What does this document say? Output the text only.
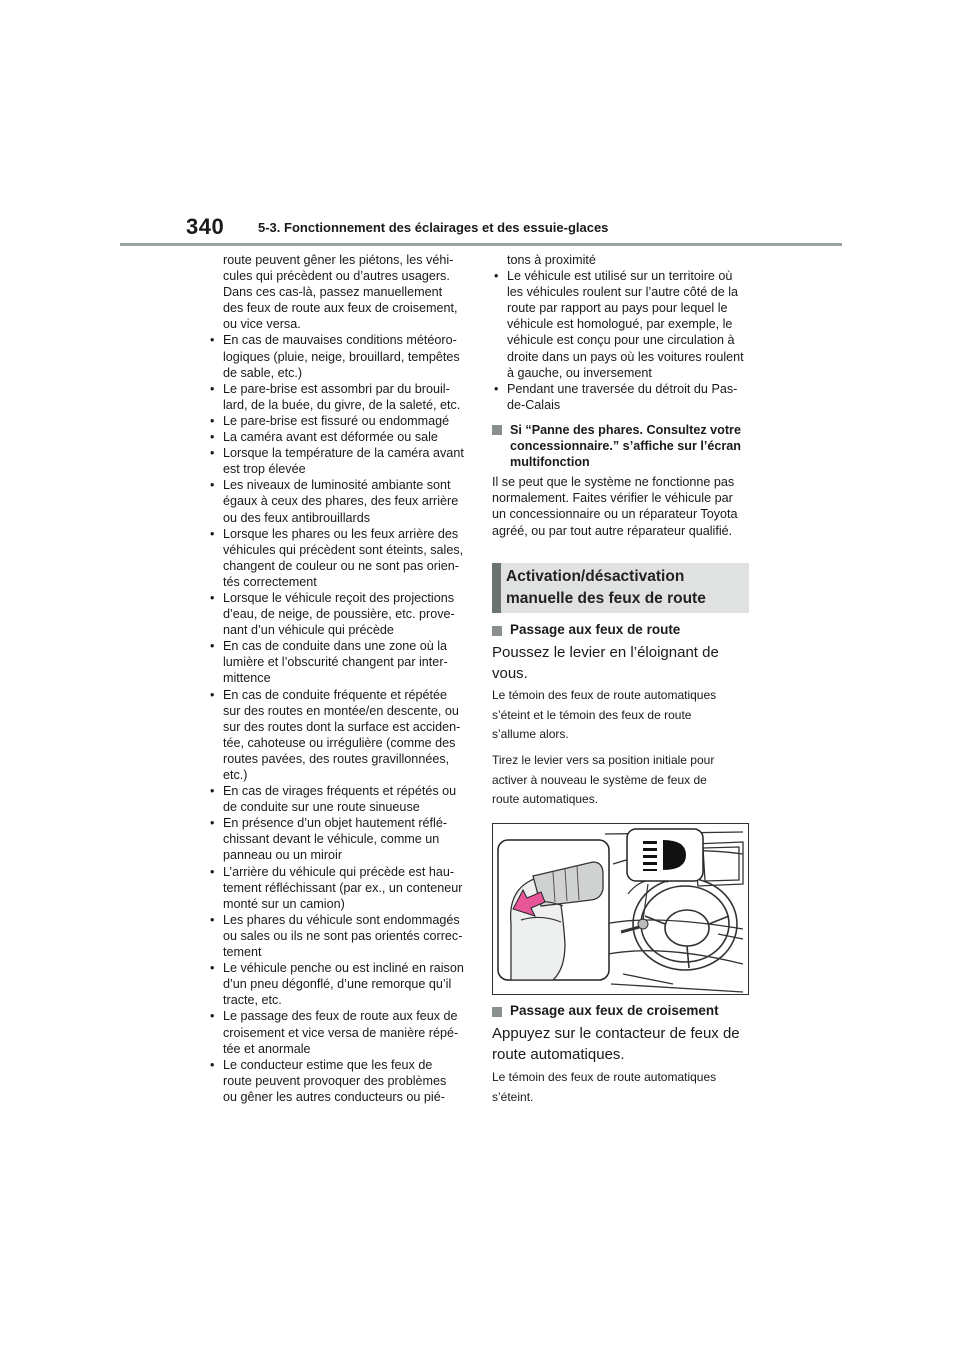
340	5-3. Fonctionnement des éclairages et des essuie-glaces
route peuvent gêner les piétons, les véhi-
cules qui précèdent ou d’autres usagers.
Dans ces cas-là, passez manuellement
des feux de route aux feux de croisement,
ou vice versa.
• En cas de mauvaises conditions météoro-
logiques (pluie, neige, brouillard, tempêtes
de sable, etc.)
• Le pare-brise est assombri par du brouil-
lard, de la buée, du givre, de la saleté, etc.
• Le pare-brise est fissuré ou endommagé
• La caméra avant est déformée ou sale
• Lorsque la température de la caméra avant
est trop élevée
• Les niveaux de luminosité ambiante sont
égaux à ceux des phares, des feux arrière
ou des feux antibrouillards
• Lorsque les phares ou les feux arrière des
véhicules qui précèdent sont éteints, sales,
changent de couleur ou ne sont pas orien-
tés correctement
• Lorsque le véhicule reçoit des projections
d’eau, de neige, de poussière, etc. prove-
nant d’un véhicule qui précède
• En cas de conduite dans une zone où la
lumière et l’obscurité changent par inter-
mittence
• En cas de conduite fréquente et répétée
sur des routes en montée/en descente, ou
sur des routes dont la surface est acciden-
tée, cahoteuse ou irrégulière (comme des
routes pavées, des routes gravillonnées,
etc.)
• En cas de virages fréquents et répétés ou
de conduite sur une route sinueuse
• En présence d’un objet hautement réflé-
chissant devant le véhicule, comme un
panneau ou un miroir
• L’arrière du véhicule qui précède est hau-
tement réfléchissant (par ex., un conteneur
monté sur un camion)
• Les phares du véhicule sont endommagés
ou sales ou ils ne sont pas orientés correc-
tement
• Le véhicule penche ou est incliné en raison
d’un pneu dégonflé, d’une remorque qu’il
tracte, etc.
• Le passage des feux de route aux feux de
croisement et vice versa de manière répé-
tée et anormale
• Le conducteur estime que les feux de
route peuvent provoquer des problèmes
ou gêner les autres conducteurs ou pié-
tons à proximité
• Le véhicule est utilisé sur un territoire où
les véhicules roulent sur l’autre côté de la
route par rapport au pays pour lequel le
véhicule est homologué, par exemple, le
véhicule est conçu pour une circulation à
droite dans un pays où les voitures roulent
à gauche, ou inversement
• Pendant une traversée du détroit du Pas-
de-Calais
Si “Panne des phares. Consultez votre
concessionnaire.” s’affiche sur l’écran
multifonction
Il se peut que le système ne fonctionne pas
normalement. Faites vérifier le véhicule par
un concessionnaire ou un réparateur Toyota
agréé, ou par tout autre réparateur qualifié.
Activation/désactivation
manuelle des feux de route
Passage aux feux de route
Poussez le levier en l’éloignant de
vous.
Le témoin des feux de route automatiques
s’éteint et le témoin des feux de route
s’allume alors.
Tirez le levier vers sa position initiale pour
activer à nouveau le système de feux de
route automatiques.
Passage aux feux de croisement
Appuyez sur le contacteur de feux de
route automatiques.
Le témoin des feux de route automatiques
s’éteint.
